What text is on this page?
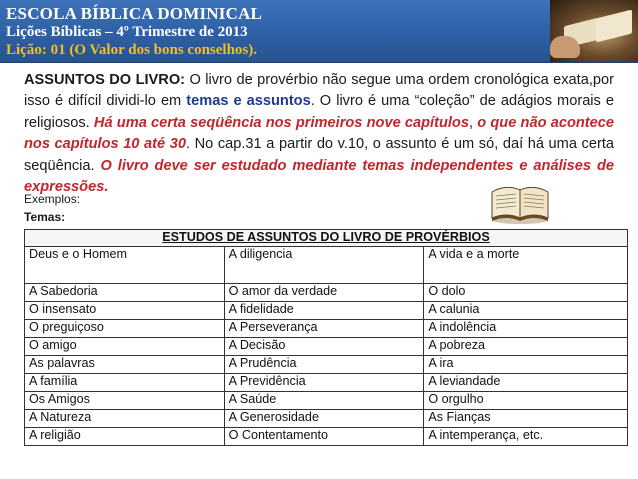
ESCOLA BÍBLICA DOMINICAL

Lições Bíblicas – 4º Trimestre de 2013

Lição: 01 (O Valor dos bons conselhos).

ASSUNTOS DO LIVRO: O livro de provérbio não segue uma ordem cronológica exata,por isso é difícil dividi-lo em temas e assuntos. O livro é uma “coleção” de adágios morais e religiosos. Há uma certa seqüência nos primeiros nove capítulos, o que não acontece nos capítulos 10 até 30. No cap.31 a partir do v.10, o assunto é um só, daí há uma certa seqüência. O livro deve ser estudado mediante temas independentes e análises de expressões.

Exemplos:

Temas:

ESTUDOS DE ASSUNTOS DO LIVRO DE PROVÉRBIOS		
Deus e o Homem	A diligencia	A vida e a morte
A Sabedoria	O amor da verdade	O dolo
O insensato	A fidelidade	A calunia
O preguiçoso	A Perseverança	A indolência
O amigo	A Decisão	A pobreza
As palavras	A Prudência	A ira
A família	A Previdência	A leviandade
Os Amigos	A Saúde	O orgulho
A Natureza	A Generosidade	As Fianças
A religião	O Contentamento	A intemperança, etc.
